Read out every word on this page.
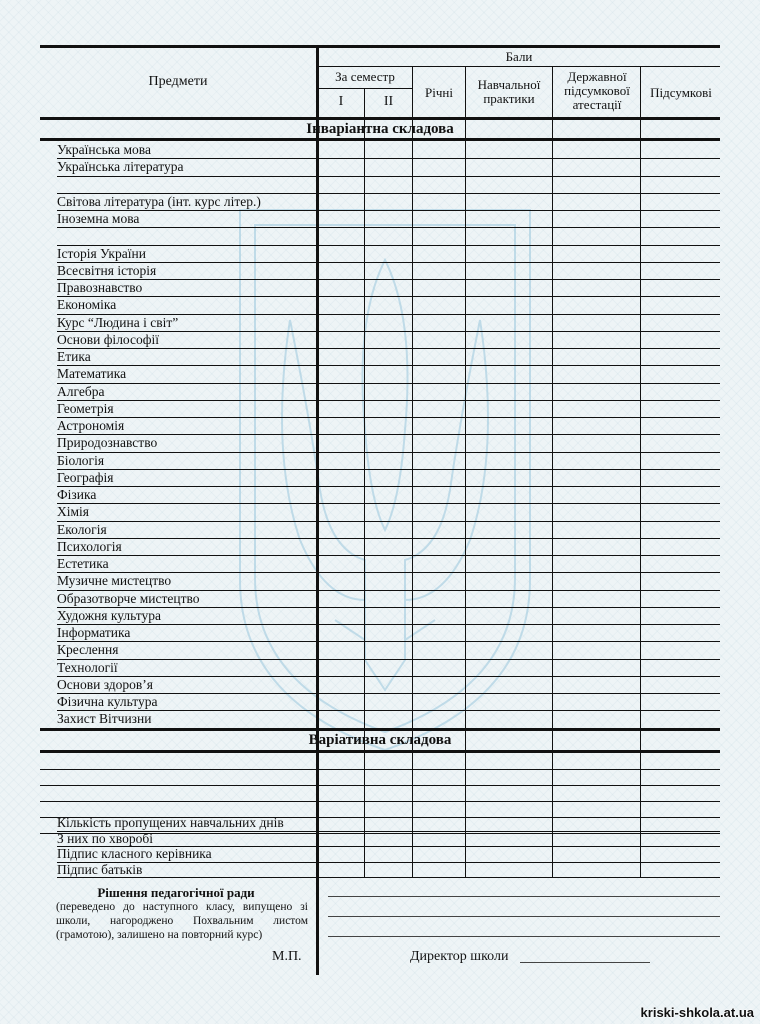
Предмети
Бали
За семестр
I	II
Річні
Навчальної практики
Державної підсумкової атестації
Підсумкові
Інваріантна складова
Українська мова
Українська література
Світова література (інт. курс літер.)
Іноземна мова
Історія України
Всесвітня історія
Правознавство
Економіка
Курс “Людина і світ”
Основи філософії
Етика
Математика
Алгебра
Геометрія
Астрономія
Природознавство
Біологія
Географія
Фізика
Хімія
Екологія
Психологія
Естетика
Музичне мистецтво
Образотворче мистецтво
Художня культура
Інформатика
Креслення
Технології
Основи здоров’я
Фізична культура
Захист Вітчизни
Варіативна складова
Кількість пропущених навчальних днів
З них по хворобі
Підпис класного керівника
Підпис батьків
Рішення педагогічної ради
(переведено до наступного класу, випущено зі школи, нагороджено Похвальним листом (грамотою), залишено на повторний курс)
М.П.	Директор школи
kriski-shkola.at.ua
